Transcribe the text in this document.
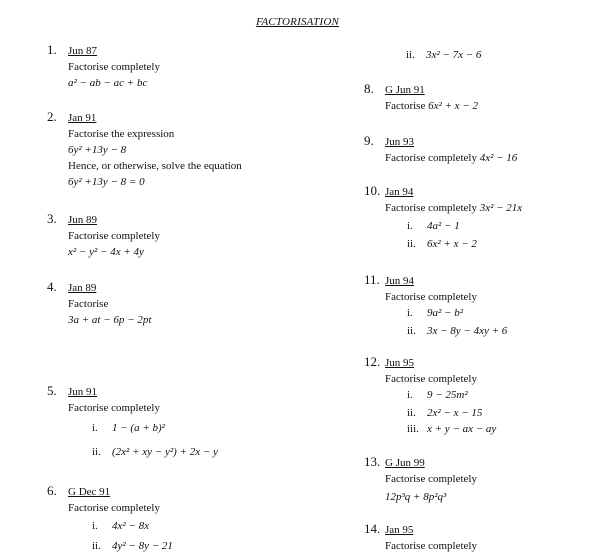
FACTORISATION
1. Jun 87
Factorise completely
a² − ab − ac + bc
2. Jan 91
Factorise the expression
6y² +13y − 8
Hence, or otherwise, solve the equation
6y² +13y − 8 = 0
3. Jun 89
Factorise completely
x² − y² − 4x + 4y
4. Jan 89
Factorise
3a + at − 6p − 2pt
5. Jun 91
Factorise completely
i. 1 − (a + b)²
ii. (2x² + xy − y²) + 2x − y
6. G Dec 91
Factorise completely
i. 4x² − 8x
ii. 4y² − 8y − 21
ii. 3x² − 7x − 6
8. G Jun 91
Factorise 6x² + x − 2
9. Jun 93
Factorise completely 4x² − 16
10. Jan 94
Factorise completely 3x² − 21x
i. 4a² − 1
ii. 6x² + x − 2
11. Jun 94
Factorise completely
i. 9a² − b²
ii. 3x − 8y − 4xy + 6
12. Jun 95
Factorise completely
i. 9 − 25m²
ii. 2x² − x − 15
iii. x + y − ax − ay
13. G Jun 99
Factorise completely
12p³q + 8p²q³
14. Jan 95
Factorise completely
